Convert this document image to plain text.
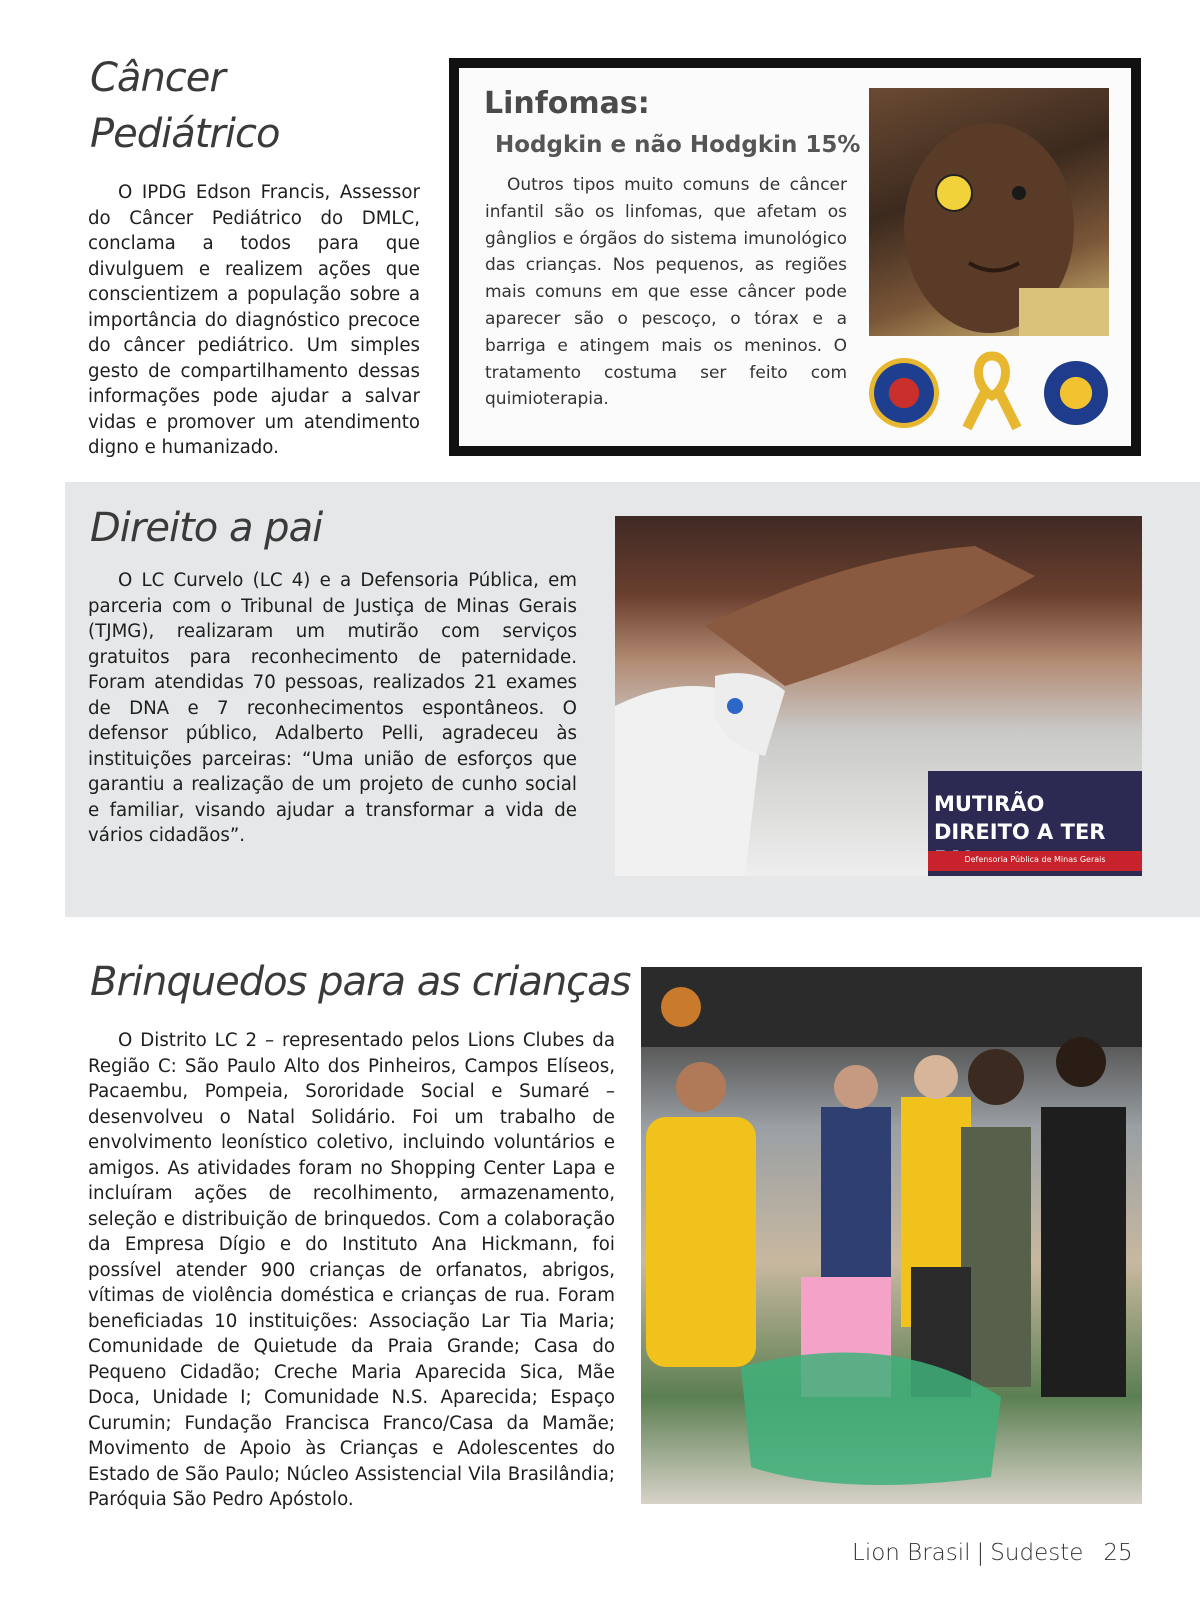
Câncer
Pediátrico

O IPDG Edson Francis, Assessor do Câncer Pediátrico do DMLC, conclama a todos para que divulguem e realizem ações que conscientizem a população sobre a importância do diagnóstico precoce do câncer pediátrico. Um simples gesto de compartilhamento dessas informações pode ajudar a salvar vidas e promover um atendimento digno e humanizado.

Linfomas:
Hodgkin e não Hodgkin 15%

Outros tipos muito comuns de câncer infantil são os linfomas, que afetam os gânglios e órgãos do sistema imunológico das crianças. Nos pequenos, as regiões mais comuns em que esse câncer pode aparecer são o pescoço, o tórax e a barriga e atingem mais os meninos. O tratamento costuma ser feito com quimioterapia.

Direito a pai

O LC Curvelo (LC 4) e a Defensoria Pública, em parceria com o Tribunal de Justiça de Minas Gerais (TJMG), realizaram um mutirão com serviços gratuitos para reconhecimento de paternidade. Foram atendidas 70 pessoas, realizados 21 exames de DNA e 7 reconhecimentos espontâneos. O defensor público, Adalberto Pelli, agradeceu às instituições parceiras: “Uma união de esforços que garantiu a realização de um projeto de cunho social e familiar, visando ajudar a transformar a vida de vários cidadãos”.

MUTIRÃO
DIREITO A TER
Defensoria Pública de Minas Gerais
Brinquedos para as crianças

O Distrito LC 2 – representado pelos Lions Clubes da Região C: São Paulo Alto dos Pinheiros, Campos Elíseos, Pacaembu, Pompeia, Sororidade Social e Sumaré – desenvolveu o Natal Solidário. Foi um trabalho de envolvimento leonístico coletivo, incluindo voluntários e amigos. As atividades foram no Shopping Center Lapa e incluíram ações de recolhimento, armazenamento, seleção e distribuição de brinquedos. Com a colaboração da Empresa Dígio e do Instituto Ana Hickmann, foi possível atender 900 crianças de orfanatos, abrigos, vítimas de violência doméstica e crianças de rua. Foram beneficiadas 10 instituições: Associação Lar Tia Maria; Comunidade de Quietude da Praia Grande; Casa do Pequeno Cidadão; Creche Maria Aparecida Sica, Mãe Doca, Unidade I; Comunidade N.S. Aparecida; Espaço Curumin; Fundação Francisca Franco/Casa da Mamãe; Movimento de Apoio às Crianças e Adolescentes do Estado de São Paulo; Núcleo Assistencial Vila Brasilândia; Paróquia São Pedro Apóstolo.

Lion Brasil | Sudeste 25
